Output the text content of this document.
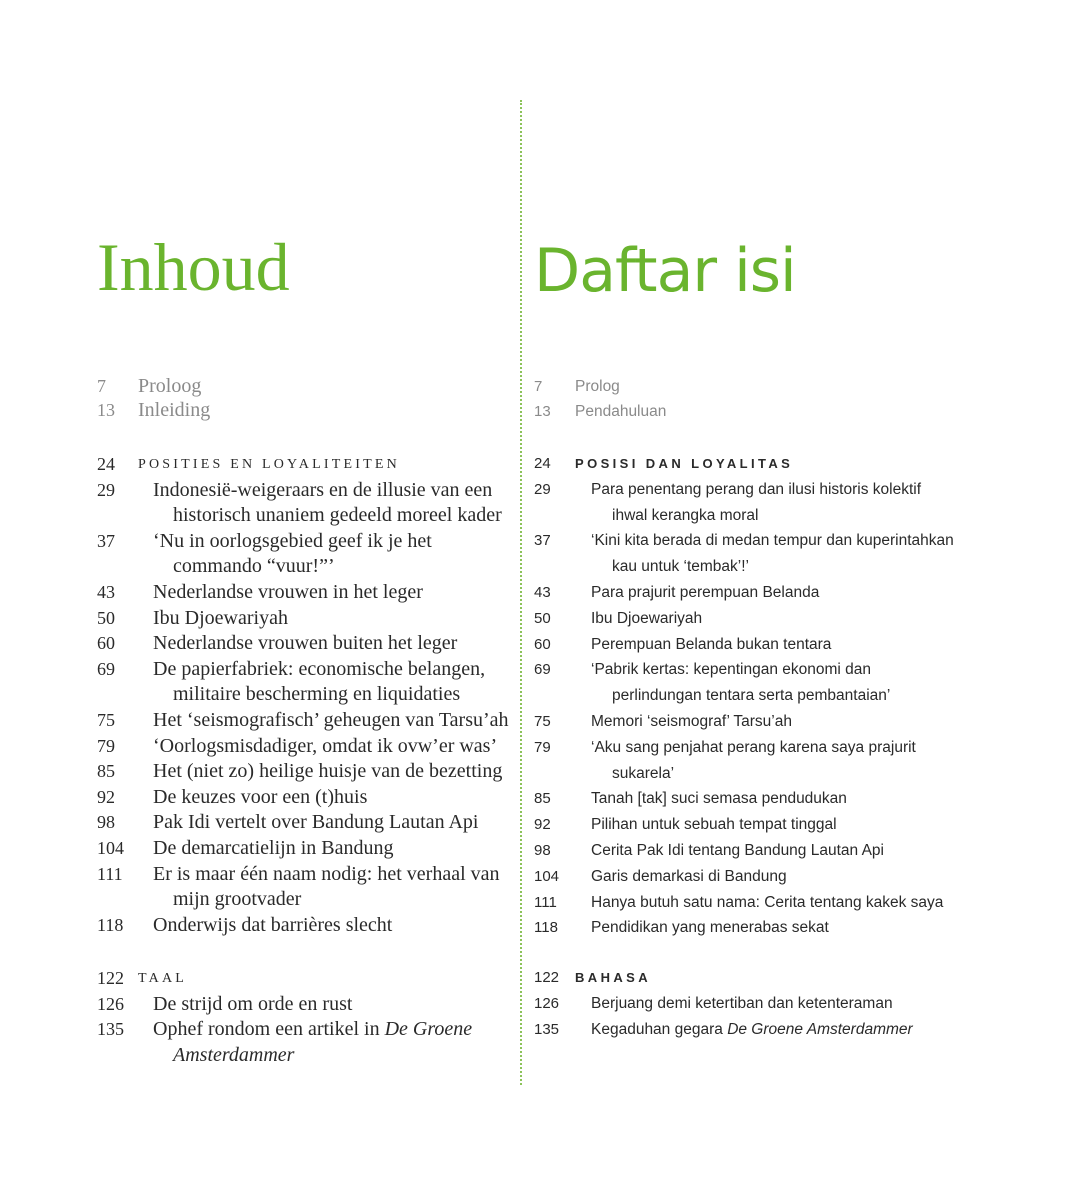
Inhoud
7	Proloog
13	Inleiding
24	POSITIES EN LOYALITEITEN
29	Indonesië-weigeraars en de illusie van een historisch unaniem gedeeld moreel kader
37	‘Nu in oorlogsgebied geef ik je het commando “vuur!”’
43	Nederlandse vrouwen in het leger
50	Ibu Djoewariyah
60	Nederlandse vrouwen buiten het leger
69	De papierfabriek: economische belangen, militaire bescherming en liquidaties
75	Het ‘seismografisch’ geheugen van Tarsu’ah
79	‘Oorlogsmisdadiger, omdat ik ovw’er was’
85	Het (niet zo) heilige huisje van de bezetting
92	De keuzes voor een (t)huis
98	Pak Idi vertelt over Bandung Lautan Api
104	De demarcatielijn in Bandung
111	Er is maar één naam nodig: het verhaal van mijn grootvader
118	Onderwijs dat barrières slecht
122	TAAL
126	De strijd om orde en rust
135	Ophef rondom een artikel in De Groene Amsterdammer
Daftar isi
7	Prolog
13	Pendahuluan
24	POSISI DAN LOYALITAS
29	Para penentang perang dan ilusi historis kolektif ihwal kerangka moral
37	‘Kini kita berada di medan tempur dan kuperintahkan kau untuk ‘tembak’!’
43	Para prajurit perempuan Belanda
50	Ibu Djoewariyah
60	Perempuan Belanda bukan tentara
69	‘Pabrik kertas: kepentingan ekonomi dan perlindungan tentara serta pembantaian’
75	Memori ‘seismograf’ Tarsu’ah
79	‘Aku sang penjahat perang karena saya prajurit sukarela’
85	Tanah [tak] suci semasa pendudukan
92	Pilihan untuk sebuah tempat tinggal
98	Cerita Pak Idi tentang Bandung Lautan Api
104	Garis demarkasi di Bandung
111	Hanya butuh satu nama: Cerita tentang kakek saya
118	Pendidikan yang menerabas sekat
122	BAHASA
126	Berjuang demi ketertiban dan ketenteraman
135	Kegaduhan gegara De Groene Amsterdammer
